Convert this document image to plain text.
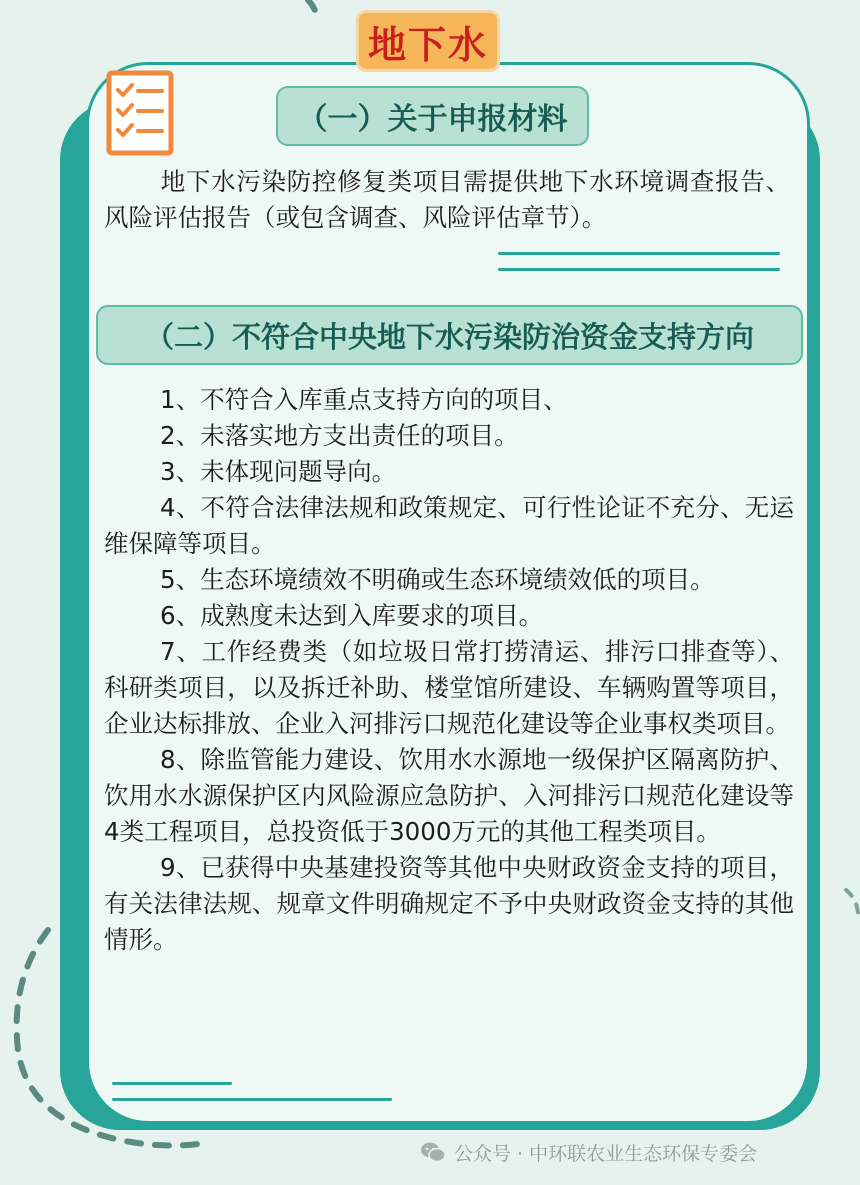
地下水
（一）关于申报材料

地下水污染防控修复类项目需提供地下水环境调查报告、风险评估报告（或包含调查、风险评估章节）。

（二）不符合中央地下水污染防治资金支持方向
1、不符合入库重点支持方向的项目、
2、未落实地方支出责任的项目。
3、未体现问题导向。
4、不符合法律法规和政策规定、可行性论证不充分、无运维保障等项目。
5、生态环境绩效不明确或生态环境绩效低的项目。
6、成熟度未达到入库要求的项目。
7、工作经费类（如垃圾日常打捞清运、排污口排查等）、科研类项目，以及拆迁补助、楼堂馆所建设、车辆购置等项目，企业达标排放、企业入河排污口规范化建设等企业事权类项目。
8、除监管能力建设、饮用水水源地一级保护区隔离防护、饮用水水源保护区内风险源应急防护、入河排污口规范化建设等4类工程项目，总投资低于3000万元的其他工程类项目。
9、已获得中央基建投资等其他中央财政资金支持的项目，有关法律法规、规章文件明确规定不予中央财政资金支持的其他情形。
公众号 · 中环联农业生态环保专委会
